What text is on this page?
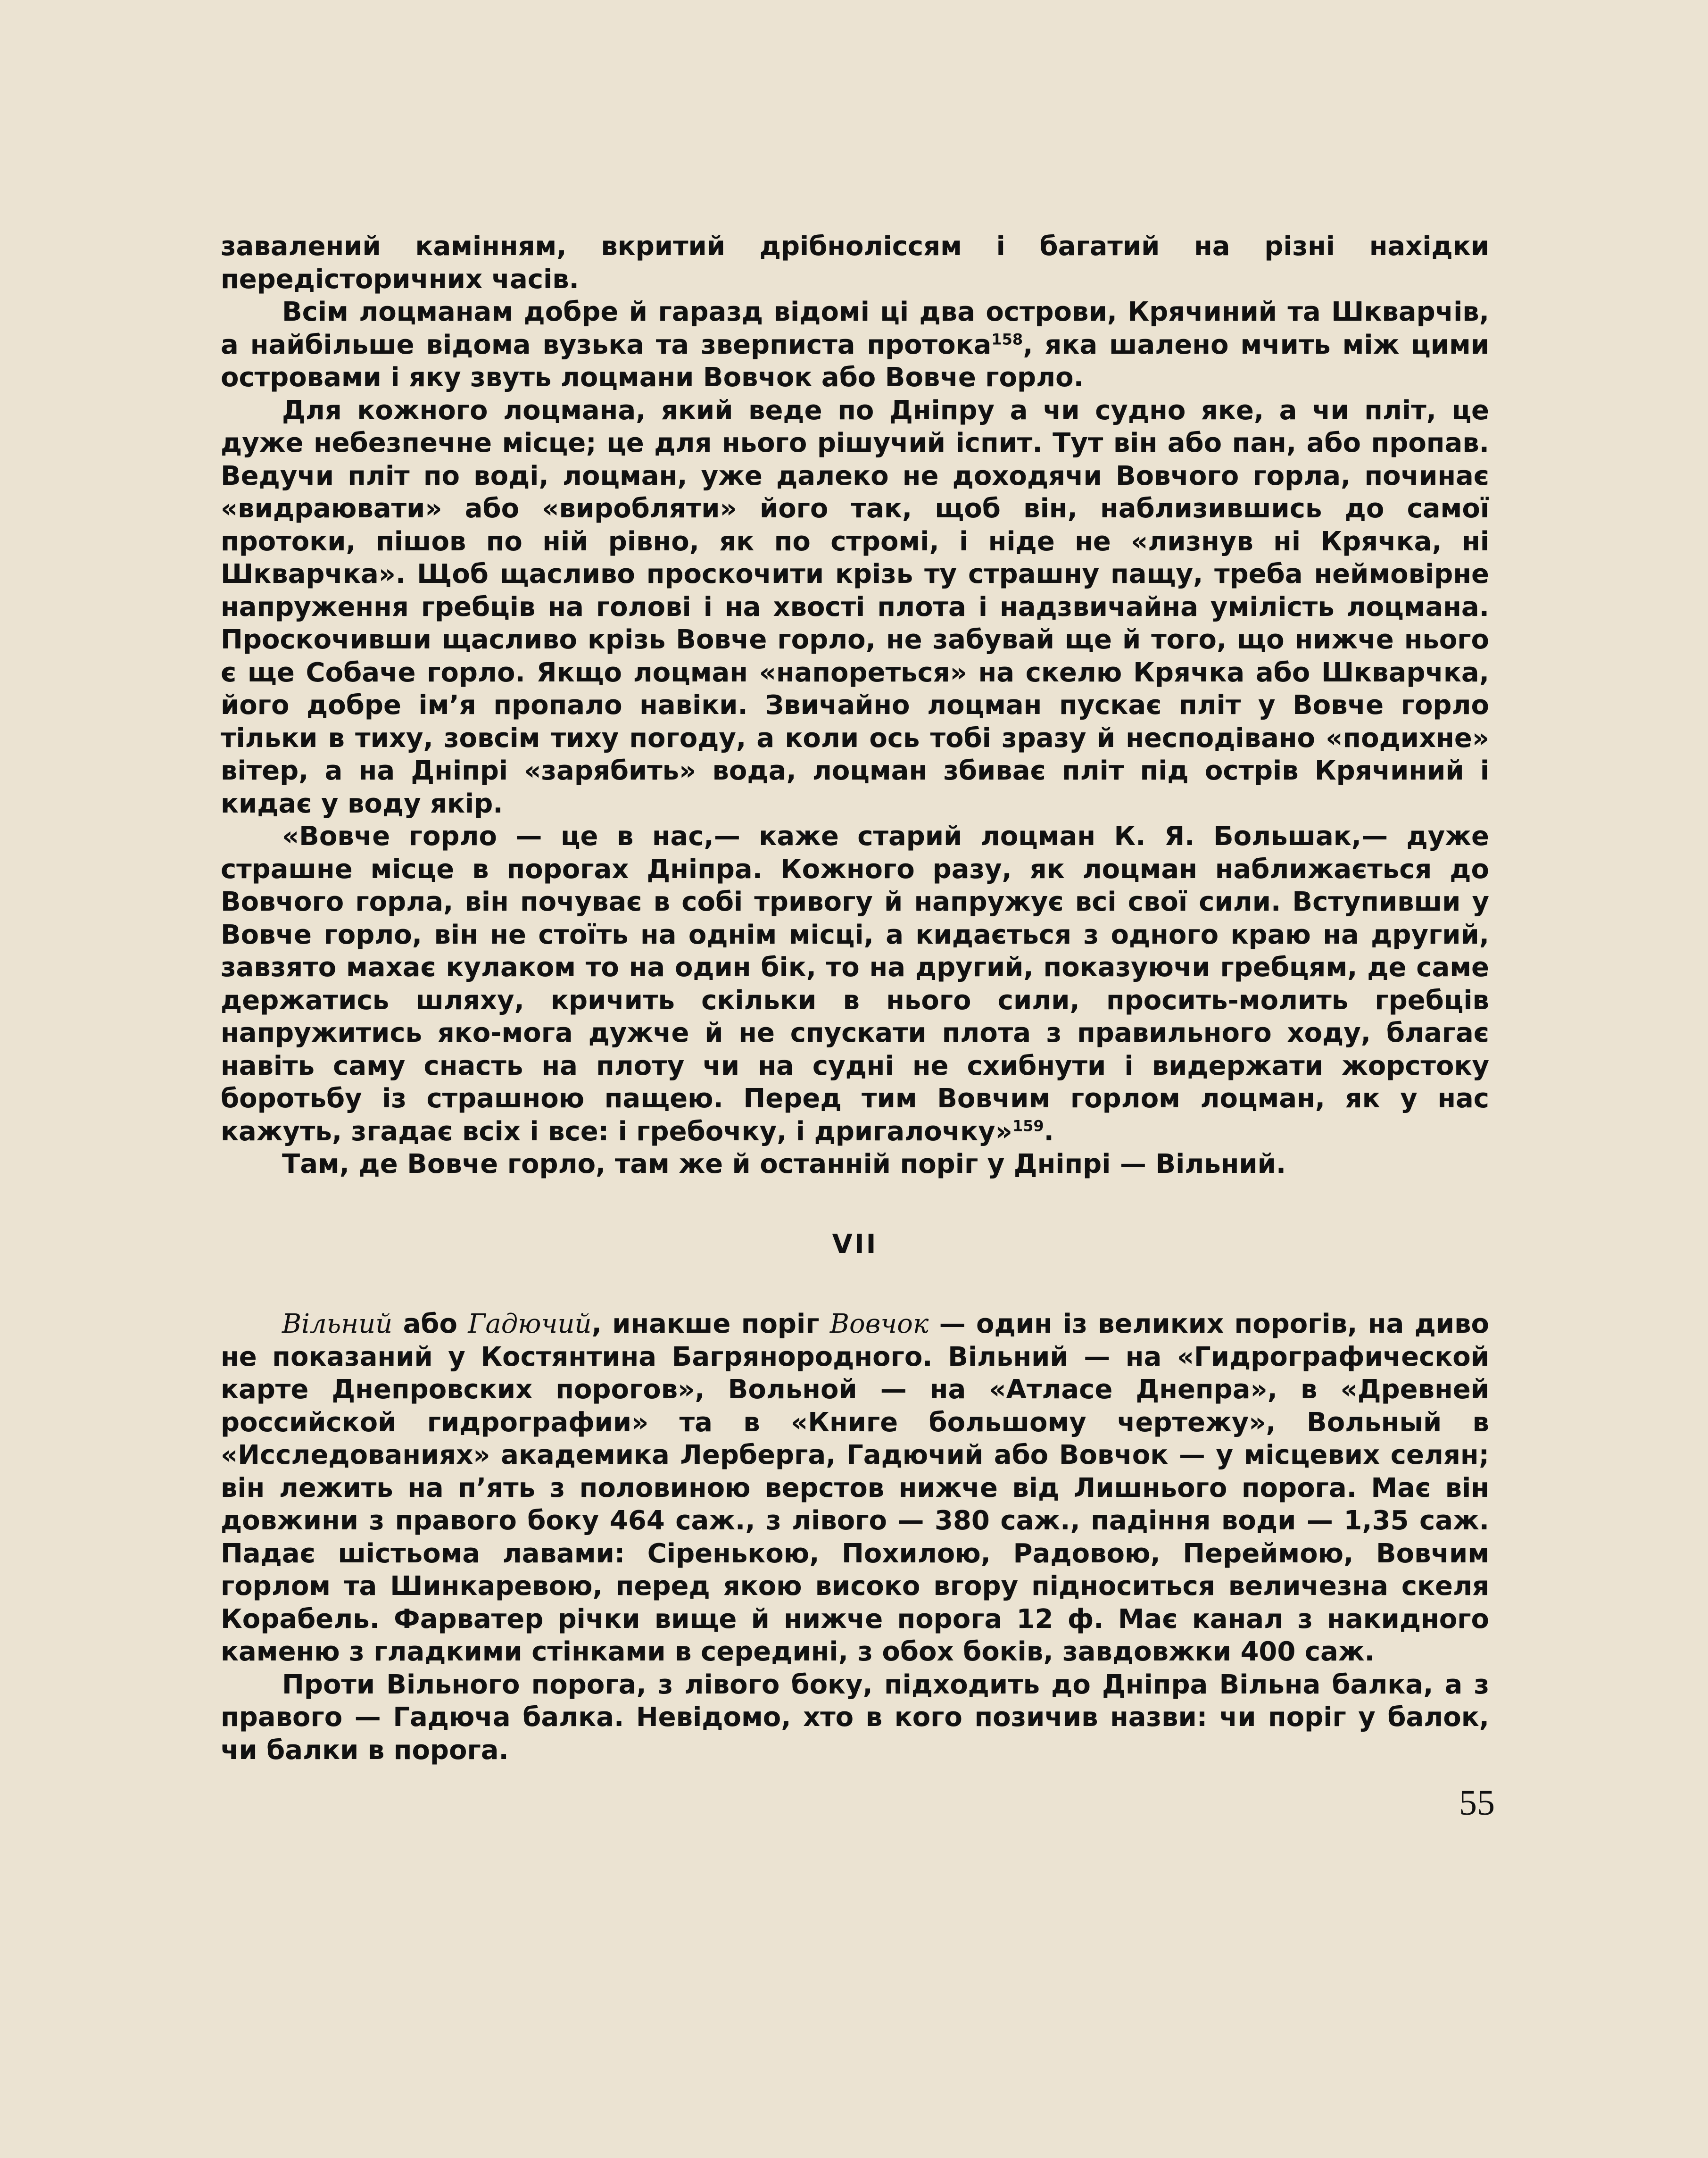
завалений камінням, вкритий дрібноліссям і багатий на різні нахідки передісторичних часів.

Всім лоцманам добре й гаразд відомі ці два острови, Крячиний та Шкварчів, а найбільше відома вузька та зверписта протока$^{158}$, яка шалено мчить між цими островами і яку звуть лоцмани Вовчок або Вовче горло.

Для кожного лоцмана, який веде по Дніпру а чи судно яке, а чи пліт, це дуже небезпечне місце; це для нього рішучий іспит. Тут він або пан, або пропав. Ведучи пліт по воді, лоцман, уже далеко не доходячи Вовчого горла, починає «видраювати» або «виробляти» його так, щоб він, наблизившись до самої протоки, пішов по ній рівно, як по стромі, і ніде не «лизнув ні Крячка, ні Шкварчка». Щоб щасливо проскочити крізь ту страшну пащу, треба неймовірне напруження гребців на голові і на хвості плота і надзвичайна умілість лоцмана. Проскочивши щасливо крізь Вовче горло, не забувай ще й того, що нижче нього є ще Собаче горло. Якщо лоцман «напореться» на скелю Крячка або Шкварчка, його добре ім’я пропало навіки. Звичайно лоцман пускає пліт у Вовче горло тільки в тиху, зовсім тиху погоду, а коли ось тобі зразу й несподівано «подихне» вітер, а на Дніпрі «зарябить» вода, лоцман збиває пліт під острів Крячиний і кидає у воду якір.

«Вовче горло — це в нас,— каже старий лоцман К. Я. Большак,— дуже страшне місце в порогах Дніпра. Кожного разу, як лоцман наближається до Вовчого горла, він почуває в собі тривогу й напружує всі свої сили. Вступивши у Вовче горло, він не стоїть на однім місці, а кидається з одного краю на другий, завзято махає кулаком то на один бік, то на другий, показуючи гребцям, де саме держатись шляху, кричить скільки в нього сили, просить-молить гребців напружитись яко-мога дужче й не спускати плота з правильного ходу, благає навіть саму снасть на плоту чи на судні не схибнути і видержати жорстоку боротьбу із страшною пащею. Перед тим Вовчим горлом лоцман, як у нас кажуть, згадає всіх і все: і гребочку, і дригалочку»$^{159}$.

Там, де Вовче горло, там же й останній поріг у Дніпрі — Вільний.

VII

Вільний або Гадючий, инакше поріг Вовчок — один із великих порогів, на диво не показаний у Костянтина Багрянородного. Вільний — на «Гидрографической карте Днепровских порогов», Вольной — на «Атласе Днепра», в «Древней российской гидрографии» та в «Книге большому чертежу», Вольный в «Исследованиях» академика Лерберга, Гадючий або Вовчок — у місцевих селян; він лежить на п’ять з половиною верстов нижче від Лишнього порога. Має він довжини з правого боку 464 саж., з лівого — 380 саж., падіння води — 1,35 саж. Падає шістьома лавами: Сіренькою, Похилою, Радовою, Переймою, Вовчим горлом та Шинкаревою, перед якою високо вгору підноситься величезна скеля Корабель. Фарватер річки вище й нижче порога 12 ф. Має канал з накидного каменю з гладкими стінками в середині, з обох боків, завдовжки 400 саж.

Проти Вільного порога, з лівого боку, підходить до Дніпра Вільна балка, а з правого — Гадюча балка. Невідомо, хто в кого позичив назви: чи поріг у балок, чи балки в порога.

55
